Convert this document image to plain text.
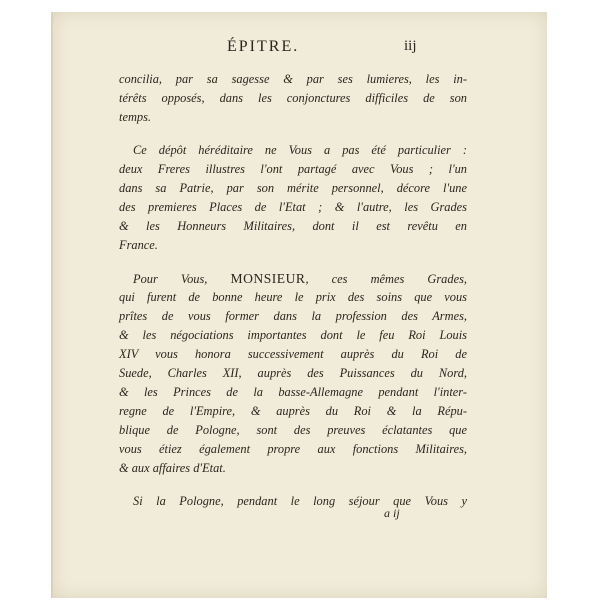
ÉPITRE.	iij
concilia, par sa sagesse & par ses lumieres, les in-
térêts opposés, dans les conjonctures difficiles de son
temps.
Ce dépôt héréditaire ne Vous a pas été particulier :
deux Freres illustres l'ont partagé avec Vous ; l'un
dans sa Patrie, par son mérite personnel, décore l'une
des premieres Places de l'Etat ; & l'autre, les Grades
& les Honneurs Militaires, dont il est revêtu en
France.
Pour Vous, MONSIEUR, ces mêmes Grades,
qui furent de bonne heure le prix des soins que vous
prîtes de vous former dans la profession des Armes,
& les négociations importantes dont le feu Roi Louis
XIV vous honora successivement auprès du Roi de
Suede, Charles XII, auprès des Puissances du Nord,
& les Princes de la basse-Allemagne pendant l'inter-
regne de l'Empire, & auprès du Roi & la Répu-
blique de Pologne, sont des preuves éclatantes que
vous étiez également propre aux fonctions Militaires,
& aux affaires d'Etat.
Si la Pologne, pendant le long séjour que Vous y
a ij
